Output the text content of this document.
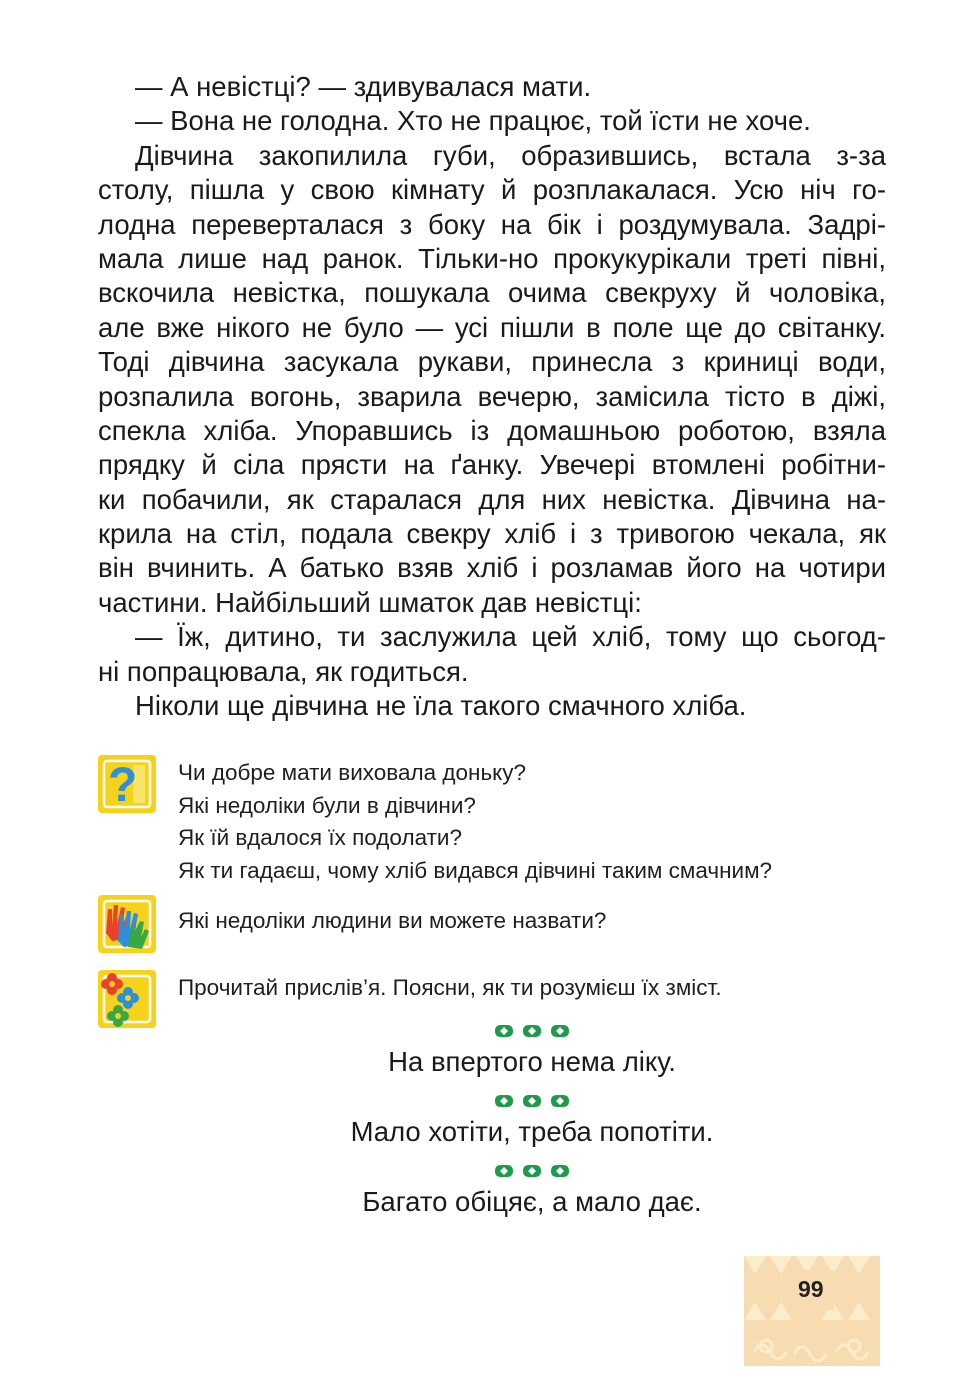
— А невістці? — здивувалася мати.
— Вона не голодна. Хто не працює, той їсти не хоче.
Дівчина закопилила губи, образившись, встала з-за
столу, пішла у свою кімнату й розплакалася. Усю ніч го-
лодна переверталася з боку на бік і роздумувала. Задрі-
мала лише над ранок. Тільки-но прокукурікали треті півні,
вскочила невістка, пошукала очима свекруху й чоловіка,
але вже нікого не було — усі пішли в поле ще до світанку.
Тоді дівчина засукала рукави, принесла з криниці води,
розпалила вогонь, зварила вечерю, замісила тісто в діжі,
спекла хліба. Упоравшись із домашньою роботою, взяла
прядку й сіла прясти на ґанку. Увечері втомлені робітни-
ки побачили, як старалася для них невістка. Дівчина на-
крила на стіл, подала свекру хліб і з тривогою чекала, як
він вчинить. А батько взяв хліб і розламав його на чотири
частини. Найбільший шматок дав невістці:
— Їж, дитино, ти заслужила цей хліб, тому що сьогод-
ні попрацювала, як годиться.
Ніколи ще дівчина не їла такого смачного хліба.
? Чи добре мати виховала доньку?
Які недоліки були в дівчини?
Як їй вдалося їх подолати?
Як ти гадаєш, чому хліб видався дівчині таким смачним?
Які недоліки людини ви можете назвати?
Прочитай прислів’я. Поясни, як ти розумієш їх зміст.
На впертого нема ліку.
Мало хотіти, треба попотіти.
Багато обіцяє, а мало дає.
99
